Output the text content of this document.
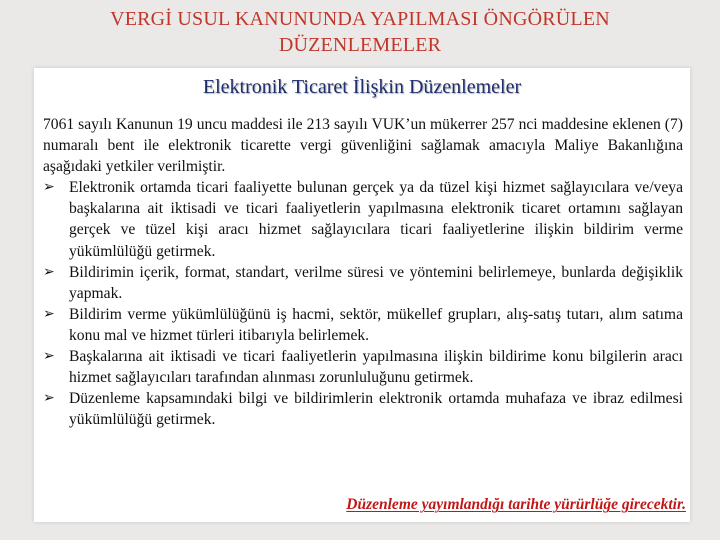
VERGİ USUL KANUNUNDA YAPILMASI ÖNGÖRÜLEN
DÜZENLEMELER
Elektronik Ticaret İlişkin Düzenlemeler

7061 sayılı Kanunun 19 uncu maddesi ile 213 sayılı VUK’un mükerrer 257 nci maddesine eklenen (7) numaralı bent ile elektronik ticarette vergi güvenliğini sağlamak amacıyla Maliye Bakanlığına aşağıdaki yetkiler verilmiştir.

➢ Elektronik ortamda ticari faaliyette bulunan gerçek ya da tüzel kişi hizmet sağlayıcılara ve/veya başkalarına ait iktisadi ve ticari faaliyetlerin yapılmasına elektronik ticaret ortamını sağlayan gerçek ve tüzel kişi aracı hizmet sağlayıcılara ticari faaliyetlerine ilişkin bildirim verme yükümlülüğü getirmek.
➢ Bildirimin içerik, format, standart, verilme süresi ve yöntemini belirlemeye, bunlarda değişiklik yapmak.
➢ Bildirim verme yükümlülüğünü iş hacmi, sektör, mükellef grupları, alış-satış tutarı, alım satıma konu mal ve hizmet türleri itibarıyla belirlemek.
➢ Başkalarına ait iktisadi ve ticari faaliyetlerin yapılmasına ilişkin bildirime konu bilgilerin aracı hizmet sağlayıcıları tarafından alınması zorunluluğunu getirmek.
➢ Düzenleme kapsamındaki bilgi ve bildirimlerin elektronik ortamda muhafaza ve ibraz edilmesi yükümlülüğü getirmek.
Düzenleme yayımlandığı tarihte yürürlüğe girecektir.
